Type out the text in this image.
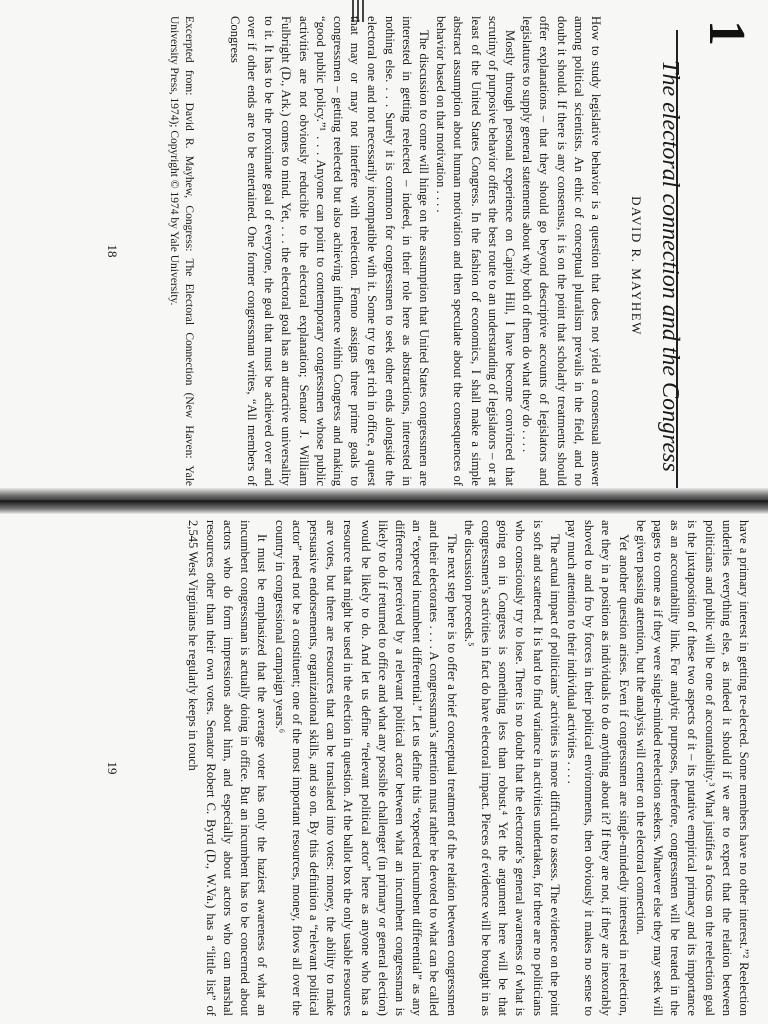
1
The electoral connection and the Congress
DAVID R. MAYHEW

How to study legislative behavior is a question that does not yield a consensual answer among political scientists. An ethic of conceptual pluralism prevails in the field, and no doubt it should. If there is any consensus, it is on the point that scholarly treatments should offer explanations – that they should go beyond descriptive accounts of legislators and legislatures to supply general statements about why both of them do what they do . . . .

Mostly through personal experience on Capitol Hill, I have become convinced that scrutiny of purposive behavior offers the best route to an understanding of legislators – or at least of the United States Congress. In the fashion of economics, I shall make a simple abstract assumption about human motivation and then speculate about the consequences of behavior based on that motivation . . . .

The discussion to come will hinge on the assumption that United States congressmen are interested in getting reelected – indeed, in their role here as abstractions, interested in nothing else. . . . Surely it is common for congressmen to seek other ends alongside the electoral one and not necessarily incompatible with it. Some try to get rich in office, a quest that may or may not interfere with reelection. Fenno assigns three prime goals to congressmen – getting reelected but also achieving influence within Congress and making “good public policy.”¹ . . . Anyone can point to contemporary congressmen whose public activities are not obviously reducible to the electoral explanation; Senator J. William Fulbright (D., Ark.) comes to mind. Yet, . . . the electoral goal has an attractive universality to it. It has to be the proximate goal of everyone, the goal that must be achieved over and over if other ends are to be entertained. One former congressman writes, “All members of Congress

Excerpted from: David R. Mayhew, Congress: The Electoral Connection (New Haven: Yale University Press, 1974); Copyright © 1974 by Yale University.
18

have a primary interest in getting re-elected. Some members have no other interest.”² Reelection underlies everything else, as indeed it should if we are to expect that the relation between politicians and public will be one of accountability.³ What justifies a focus on the reelection goal is the juxtaposition of these two aspects of it – its putative empirical primacy and its importance as an accountability link. For analytic purposes, therefore, congressmen will be treated in the pages to come as if they were single-minded reelection seekers. Whatever else they may seek will be given passing attention, but the analysis will center on the electoral connection.

Yet another question arises. Even if congressmen are single-mindedly interested in reelection, are they in a position as individuals to do anything about it? If they are not, if they are inexorably shoved to and fro by forces in their political environments, then obviously it makes no sense to pay much attention to their individual activities . . . .

The actual impact of politicians’ activities is more difficult to assess. The evidence on the point is soft and scattered. It is hard to find variance in activities undertaken, for there are no politicians who consciously try to lose. There is no doubt that the electorate’s general awareness of what is going on in Congress is something less than robust.⁴ Yet the argument here will be that congressmen’s activities in fact do have electoral impact. Pieces of evidence will be brought in as the discussion proceeds.⁵

The next step here is to offer a brief conceptual treatment of the relation between congressmen and their electorates . . . . A congressman’s attention must rather be devoted to what can be called an “expected incumbent differential.” Let us define this “expected incumbent differential” as any difference perceived by a relevant political actor between what an incumbent congressman is likely to do if returned to office and what any possible challenger (in primary or general election) would be likely to do. And let us define “relevant political actor” here as anyone who has a resource that might be used in the election in question. At the ballot box the only usable resources are votes, but there are resources that can be translated into votes: money, the ability to make persuasive endorsements, organizational skills, and so on. By this definition a “relevant political actor” need not be a constituent; one of the most important resources, money, flows all over the country in congressional campaign years.⁶

It must be emphasized that the average voter has only the haziest awareness of what an incumbent congressman is actually doing in office. But an incumbent has to be concerned about actors who do form impressions about him, and especially about actors who can marshal resources other than their own votes. Senator Robert C. Byrd (D., W.Va.) has a “little list” of 2,545 West Virginians he regularly keeps in touch

19
